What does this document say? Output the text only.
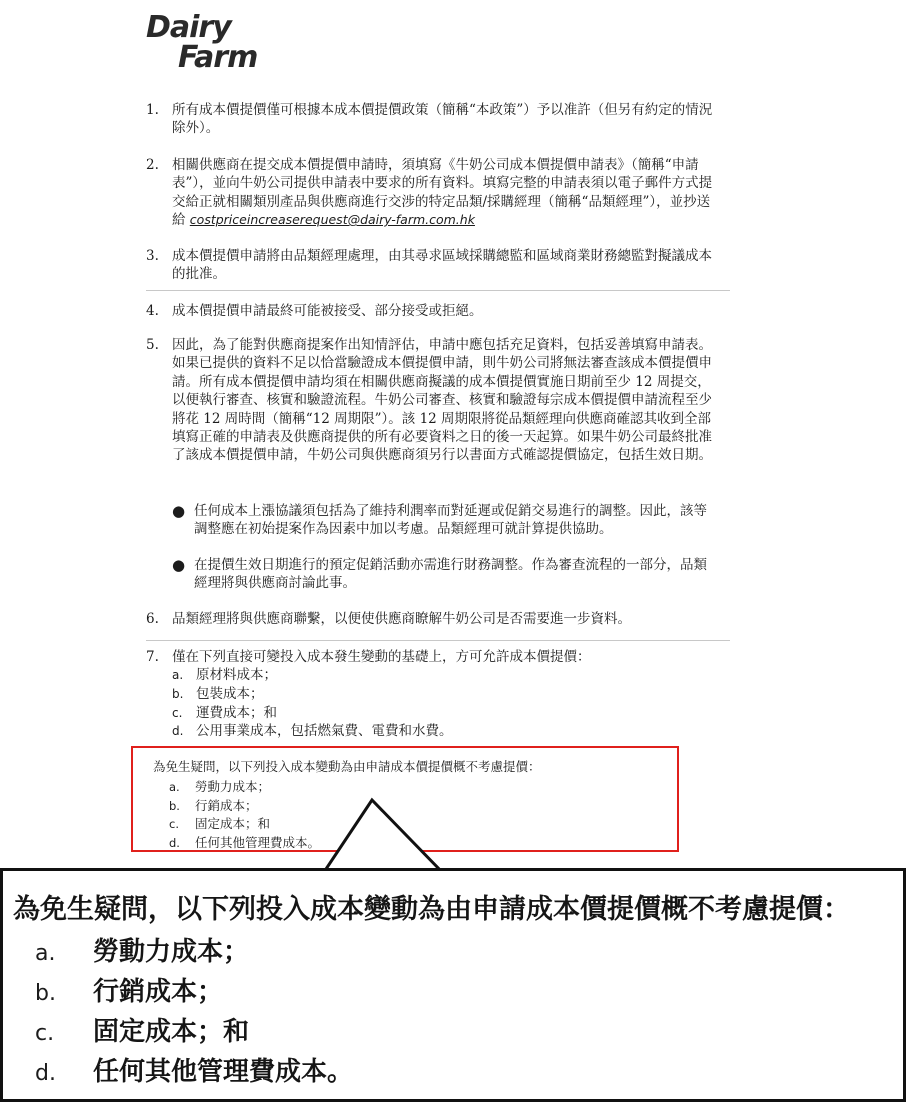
Dairy
Farm
1. 所有成本價提價僅可根據本成本價提價政策（簡稱“本政策”）予以准許（但另有約定的情況除外）。
2. 相關供應商在提交成本價提價申請時，須填寫《牛奶公司成本價提價申請表》（簡稱“申請表”），並向牛奶公司提供申請表中要求的所有資料。填寫完整的申請表須以電子郵件方式提交給正就相關類別產品與供應商進行交涉的特定品類/採購經理（簡稱“品類經理”），並抄送給 costpriceincreaserequest@dairy-farm.com.hk
3. 成本價提價申請將由品類經理處理，由其尋求區域採購總監和區域商業財務總監對擬議成本的批准。
4. 成本價提價申請最終可能被接受、部分接受或拒絕。
5. 因此，為了能對供應商提案作出知情評估，申請中應包括充足資料，包括妥善填寫申請表。如果已提供的資料不足以恰當驗證成本價提價申請，則牛奶公司將無法審查該成本價提價申請。所有成本價提價申請均須在相關供應商擬議的成本價提價實施日期前至少 12 周提交，以便執行審查、核實和驗證流程。牛奶公司審查、核實和驗證每宗成本價提價申請流程至少將花 12 周時間（簡稱“12 周期限”）。該 12 周期限將從品類經理向供應商確認其收到全部填寫正確的申請表及供應商提供的所有必要資料之日的後一天起算。如果牛奶公司最終批准了該成本價提價申請，牛奶公司與供應商須另行以書面方式確認提價協定，包括生效日期。
● 任何成本上漲協議須包括為了維持利潤率而對延遲或促銷交易進行的調整。因此，該等調整應在初始提案作為因素中加以考慮。品類經理可就計算提供協助。
● 在提價生效日期進行的預定促銷活動亦需進行財務調整。作為審查流程的一部分，品類經理將與供應商討論此事。
6. 品類經理將與供應商聯繫，以便使供應商瞭解牛奶公司是否需要進一步資料。
7. 僅在下列直接可變投入成本發生變動的基礎上，方可允許成本價提價：
a. 原材料成本；
b. 包裝成本；
c. 運費成本；和
d. 公用事業成本，包括燃氣費、電費和水費。
為免生疑問，以下列投入成本變動為由申請成本價提價概不考慮提價：
a. 勞動力成本；
b. 行銷成本；
c. 固定成本；和
d. 任何其他管理費成本。
為免生疑問，以下列投入成本變動為由申請成本價提價概不考慮提價：
a. 勞動力成本；
b. 行銷成本；
c. 固定成本；和
d. 任何其他管理費成本。
